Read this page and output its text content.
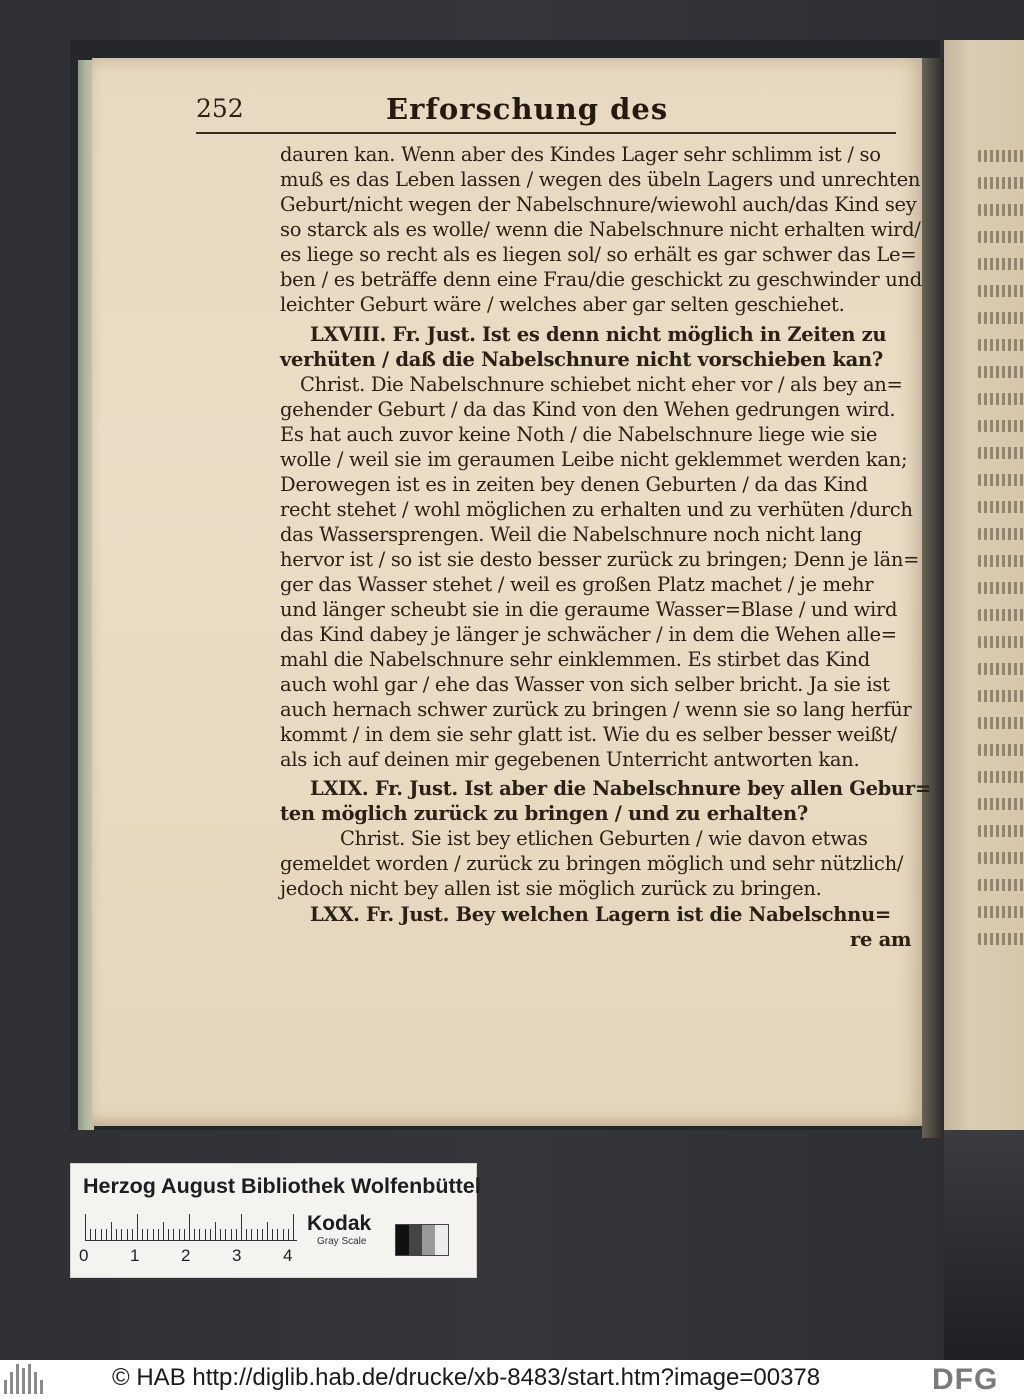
252	Erforschung des
dauren kan. Wenn aber des Kindes Lager sehr schlimm ist / so
muß es das Leben lassen / wegen des übeln Lagers und unrechten
Geburt/nicht wegen der Nabelschnure/wiewohl auch/das Kind sey
so starck als es wolle/ wenn die Nabelschnure nicht erhalten wird/
es liege so recht als es liegen sol/ so erhält es gar schwer das Le=
ben / es beträffe denn eine Frau/die geschickt zu geschwinder und
leichter Geburt wäre / welches aber gar selten geschiehet.
LXVIII. Fr. Just. Ist es denn nicht möglich in Zeiten zu
verhüten / daß die Nabelschnure nicht vorschieben kan?
Christ. Die Nabelschnure schiebet nicht eher vor / als bey an=
gehender Geburt / da das Kind von den Wehen gedrungen wird.
Es hat auch zuvor keine Noth / die Nabelschnure liege wie sie
wolle / weil sie im geraumen Leibe nicht geklemmet werden kan;
Derowegen ist es in zeiten bey denen Geburten / da das Kind
recht stehet / wohl möglichen zu erhalten und zu verhüten /durch
das Wassersprengen. Weil die Nabelschnure noch nicht lang
hervor ist / so ist sie desto besser zurück zu bringen; Denn je län=
ger das Wasser stehet / weil es großen Platz machet / je mehr
und länger scheubt sie in die geraume Wasser=Blase / und wird
das Kind dabey je länger je schwächer / in dem die Wehen alle=
mahl die Nabelschnure sehr einklemmen. Es stirbet das Kind
auch wohl gar / ehe das Wasser von sich selber bricht. Ja sie ist
auch hernach schwer zurück zu bringen / wenn sie so lang herfür
kommt / in dem sie sehr glatt ist. Wie du es selber besser weißt/
als ich auf deinen mir gegebenen Unterricht antworten kan.
LXIX. Fr. Just. Ist aber die Nabelschnure bey allen Gebur=
ten möglich zurück zu bringen / und zu erhalten?
Christ. Sie ist bey etlichen Geburten / wie davon etwas
gemeldet worden / zurück zu bringen möglich und sehr nützlich/
jedoch nicht bey allen ist sie möglich zurück zu bringen.
LXX. Fr. Just. Bey welchen Lagern ist die Nabelschnu=
re am
Herzog August Bibliothek Wolfenbüttel
0 1 2 3 4
Kodak
Gray Scale
© HAB http://diglib.hab.de/drucke/xb-8483/start.htm?image=00378	DFG
